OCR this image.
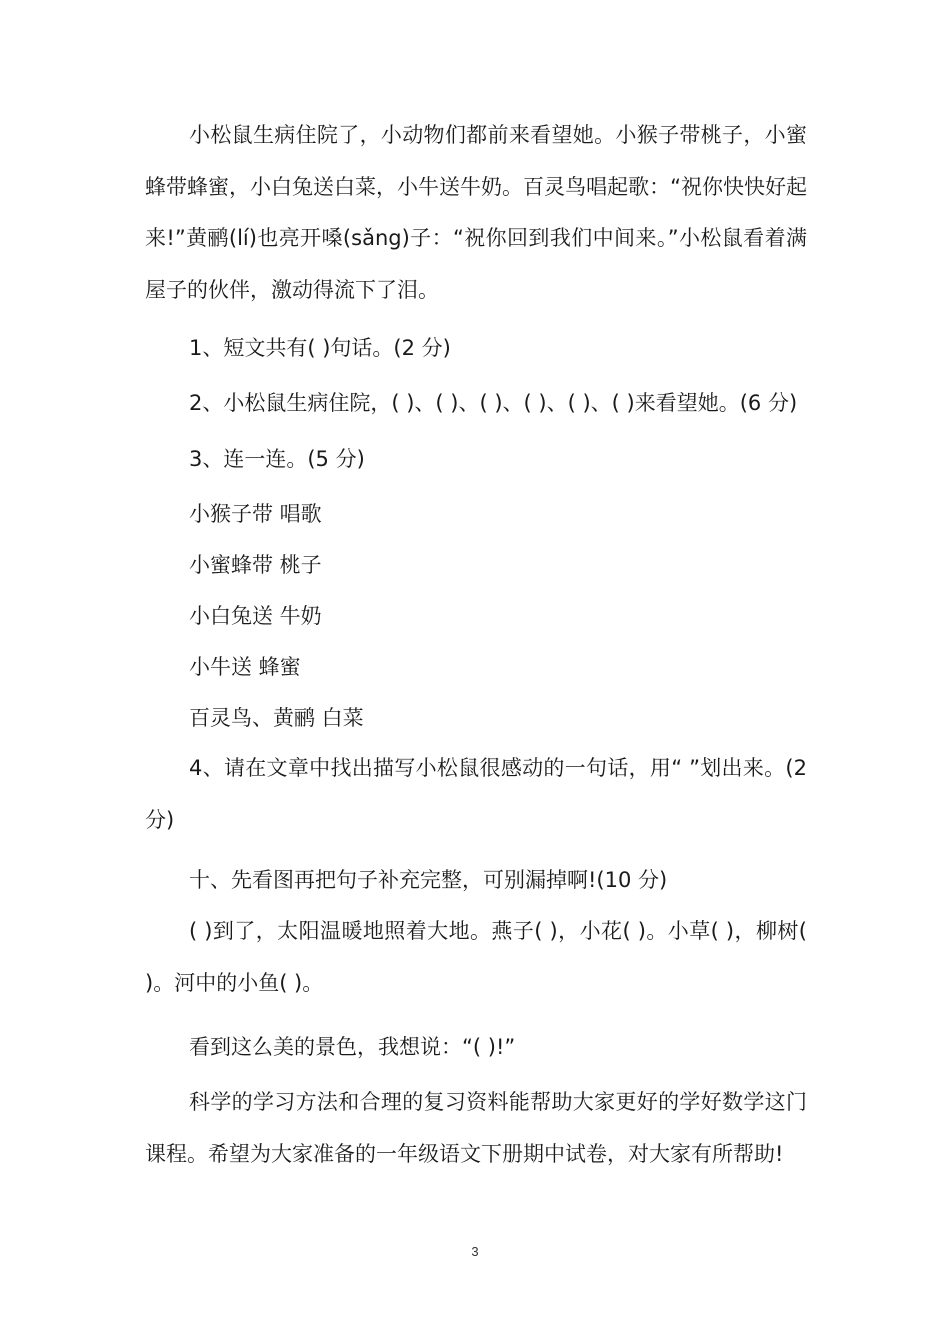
小松鼠生病住院了，小动物们都前来看望她。小猴子带桃子，小蜜蜂带蜂蜜，小白兔送白菜，小牛送牛奶。百灵鸟唱起歌：“祝你快快好起来!”黄鹂(lí)也亮开嗓(sǎng)子：“祝你回到我们中间来。”小松鼠看着满屋子的伙伴，激动得流下了泪。

1、短文共有( )句话。(2 分)

2、小松鼠生病住院，( )、( )、( )、( )、( )、( )来看望她。(6 分)

3、连一连。(5 分)

小猴子带 唱歌

小蜜蜂带 桃子

小白兔送 牛奶

小牛送 蜂蜜

百灵鸟、黄鹂 白菜

4、请在文章中找出描写小松鼠很感动的一句话，用“ ”划出来。(2 分)

十、先看图再把句子补充完整，可别漏掉啊!(10 分)

( )到了，太阳温暖地照着大地。燕子( )，小花( )。小草( )，柳树( )。河中的小鱼( )。

看到这么美的景色，我想说：“( )!”

科学的学习方法和合理的复习资料能帮助大家更好的学好数学这门课程。希望为大家准备的一年级语文下册期中试卷，对大家有所帮助!

3
